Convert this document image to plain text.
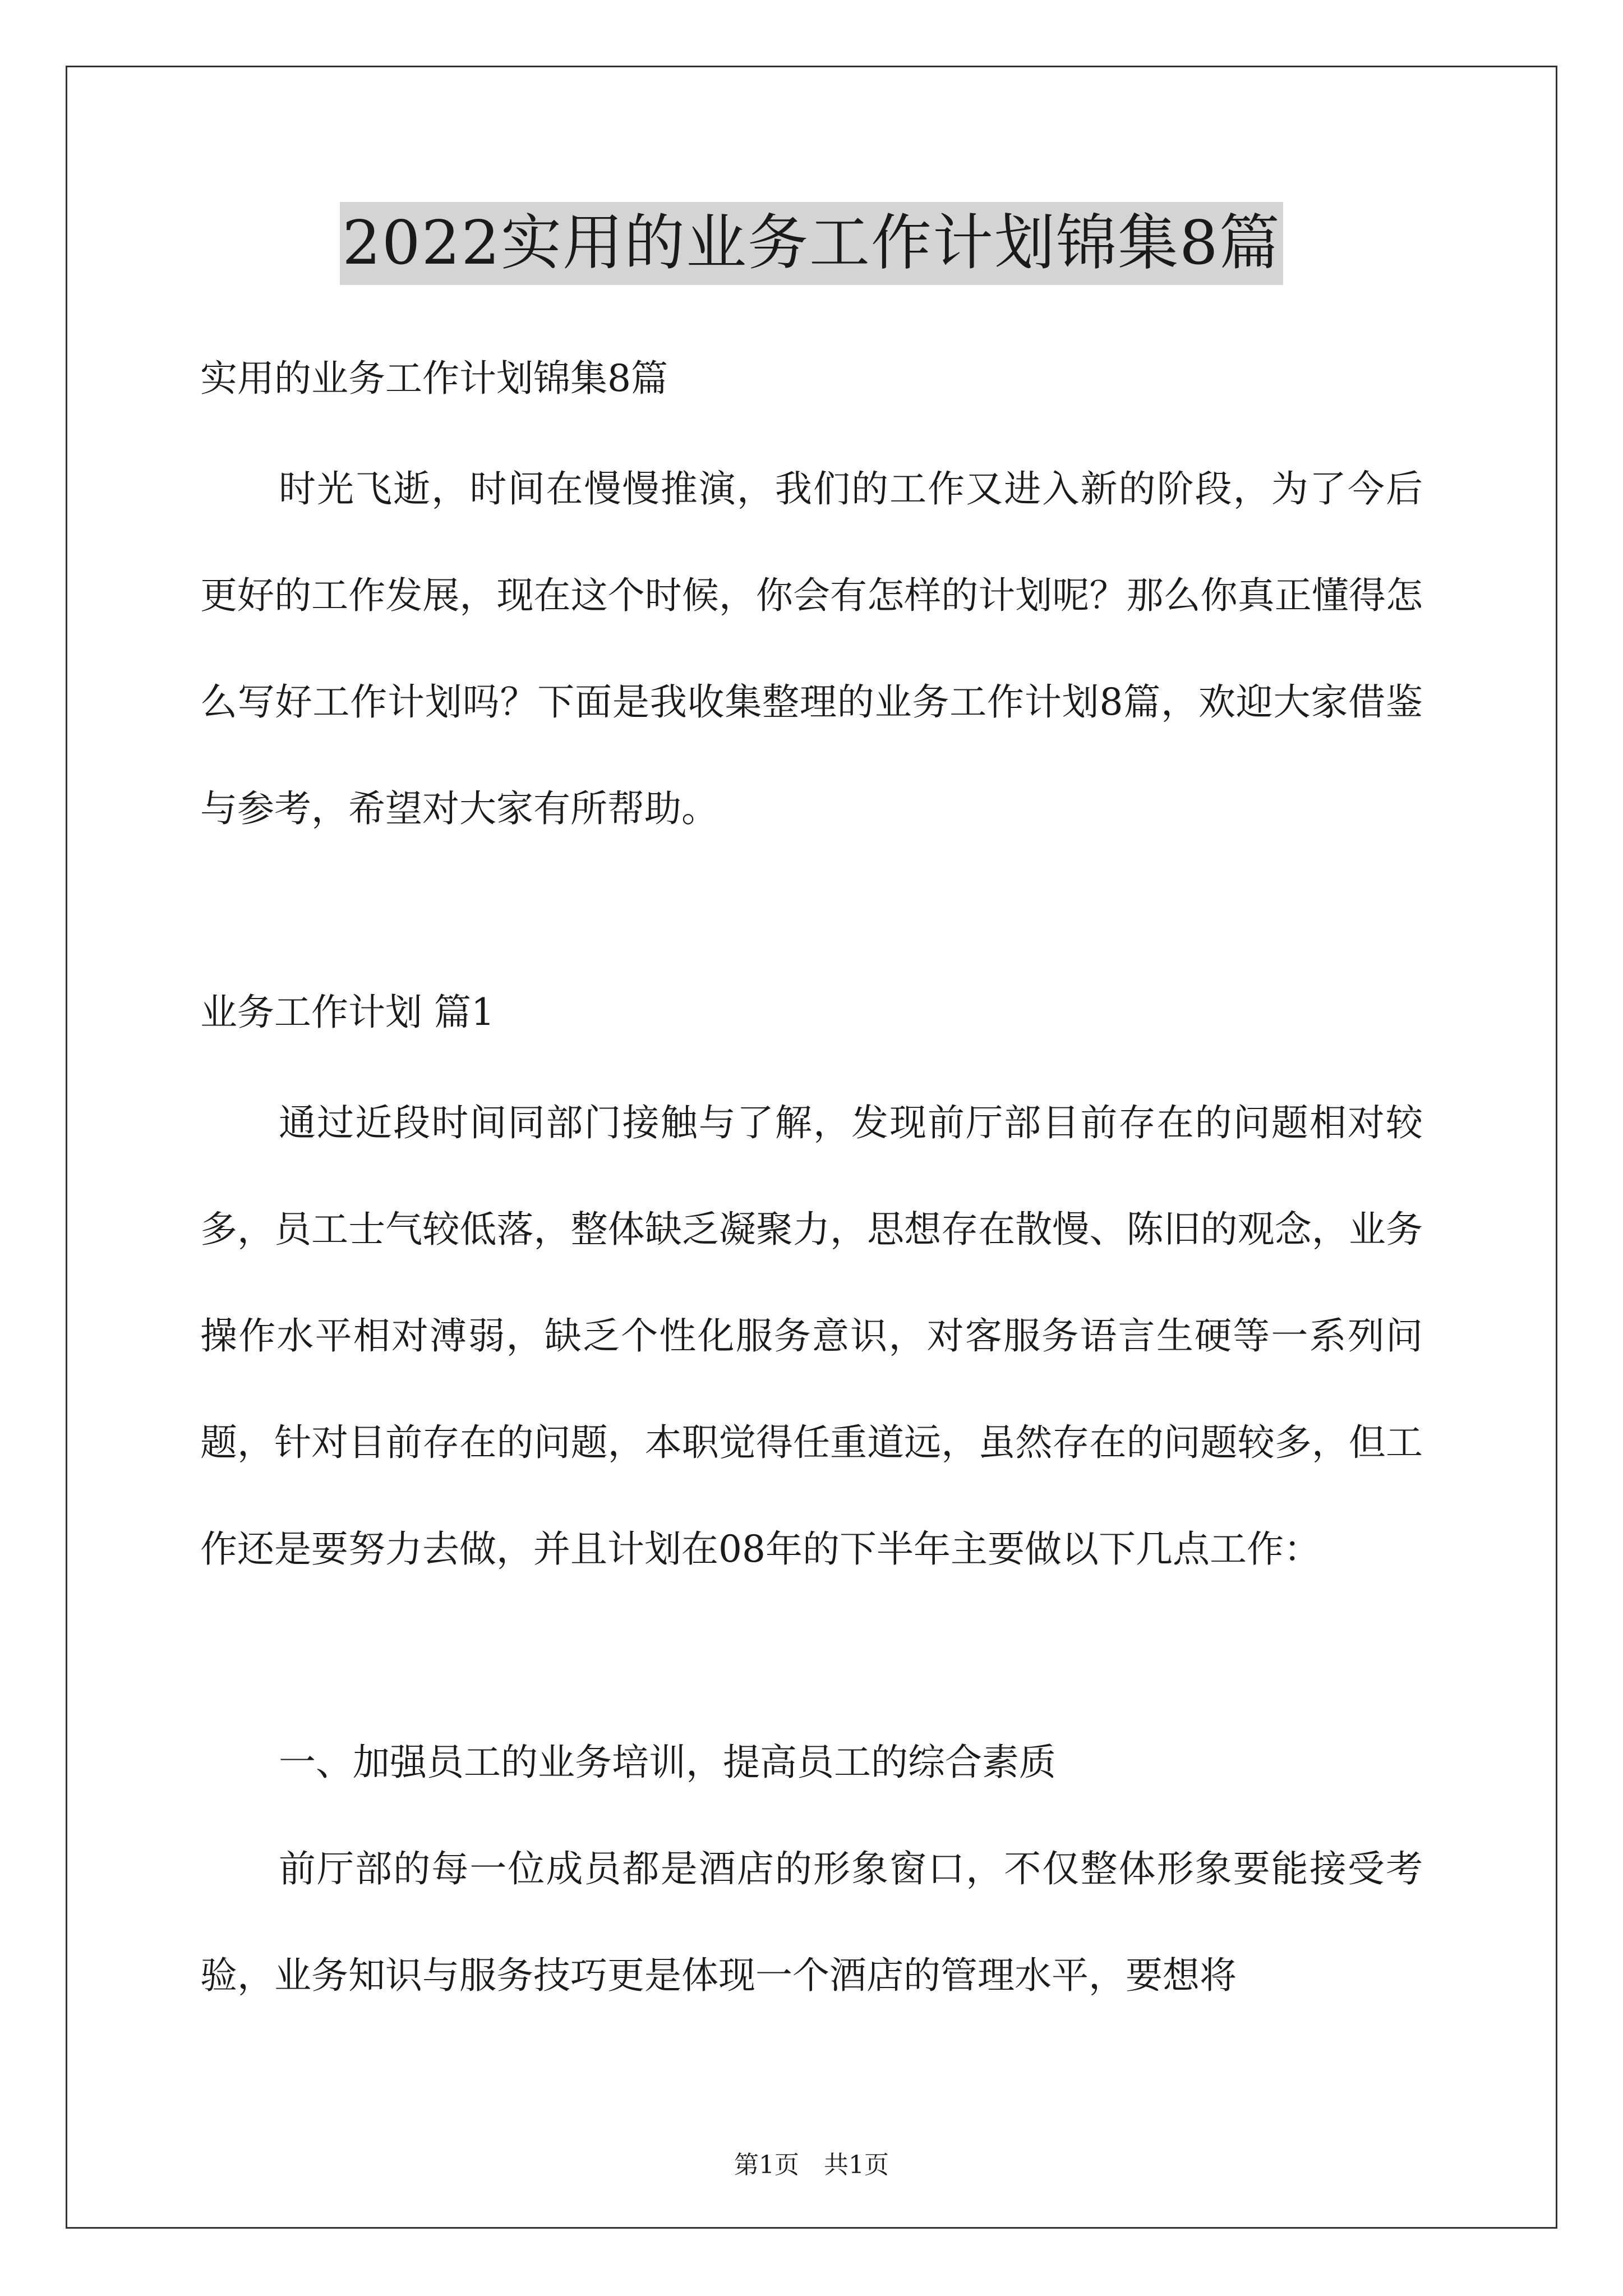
2022实用的业务工作计划锦集8篇

实用的业务工作计划锦集8篇

时光飞逝，时间在慢慢推演，我们的工作又进入新的阶段，为了今后更好的工作发展，现在这个时候，你会有怎样的计划呢？那么你真正懂得怎么写好工作计划吗？下面是我收集整理的业务工作计划8篇，欢迎大家借鉴与参考，希望对大家有所帮助。

业务工作计划 篇1

通过近段时间同部门接触与了解，发现前厅部目前存在的问题相对较多，员工士气较低落，整体缺乏凝聚力，思想存在散慢、陈旧的观念，业务操作水平相对溥弱，缺乏个性化服务意识，对客服务语言生硬等一系列问题，针对目前存在的问题，本职觉得任重道远，虽然存在的问题较多，但工作还是要努力去做，并且计划在08年的下半年主要做以下几点工作：

一、加强员工的业务培训，提高员工的综合素质

前厅部的每一位成员都是酒店的形象窗口，不仅整体形象要能接受考验，业务知识与服务技巧更是体现一个酒店的管理水平，要想将

第1页　共1页
